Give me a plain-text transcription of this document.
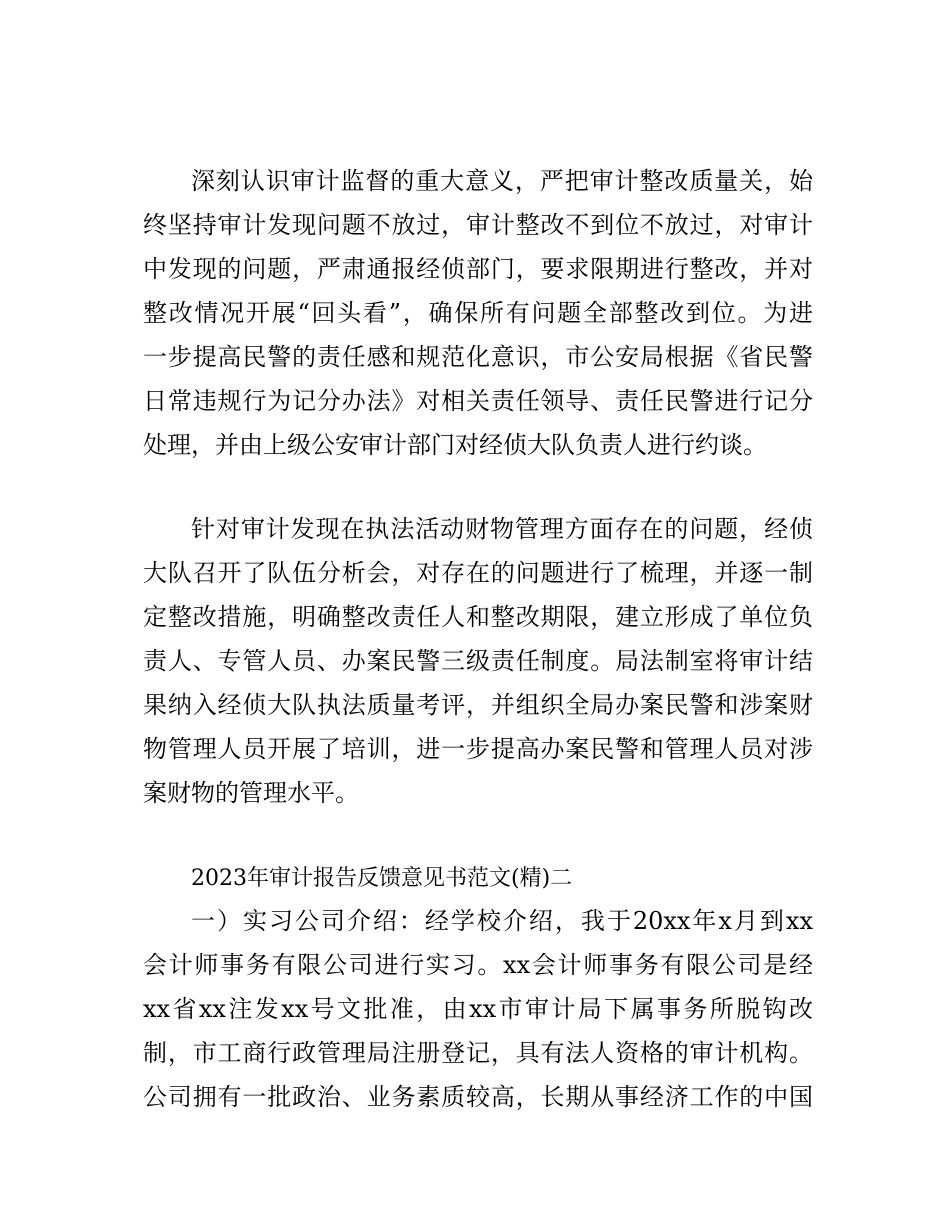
深刻认识审计监督的重大意义，严把审计整改质量关，始
终坚持审计发现问题不放过，审计整改不到位不放过，对审计
中发现的问题，严肃通报经侦部门，要求限期进行整改，并对
整改情况开展“回头看”，确保所有问题全部整改到位。为进
一步提高民警的责任感和规范化意识，市公安局根据《省民警
日常违规行为记分办法》对相关责任领导、责任民警进行记分
处理，并由上级公安审计部门对经侦大队负责人进行约谈。
针对审计发现在执法活动财物管理方面存在的问题，经侦
大队召开了队伍分析会，对存在的问题进行了梳理，并逐一制
定整改措施，明确整改责任人和整改期限，建立形成了单位负
责人、专管人员、办案民警三级责任制度。局法制室将审计结
果纳入经侦大队执法质量考评，并组织全局办案民警和涉案财
物管理人员开展了培训，进一步提高办案民警和管理人员对涉
案财物的管理水平。
2023年审计报告反馈意见书范文(精)二
一）实习公司介绍：经学校介绍，我于20xx年x月到xx
会计师事务有限公司进行实习。xx会计师事务有限公司是经
xx省xx注发xx号文批准，由xx市审计局下属事务所脱钩改
制，市工商行政管理局注册登记，具有法人资格的审计机构。
公司拥有一批政治、业务素质较高，长期从事经济工作的中国
